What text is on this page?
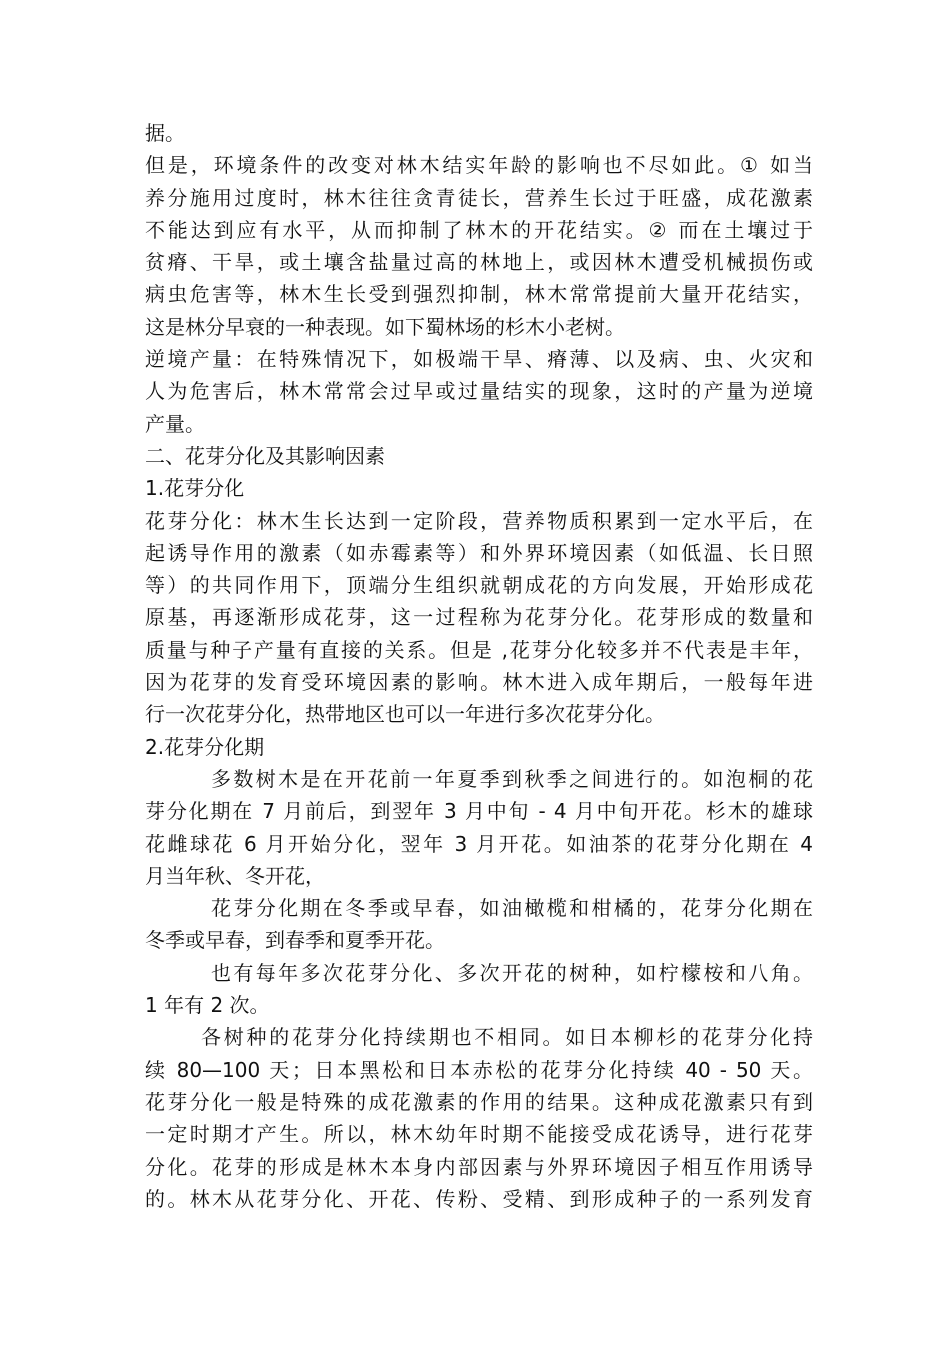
据。
但是，环境条件的改变对林木结实年龄的影响也不尽如此。① 如当
养分施用过度时，林木往往贪青徒长，营养生长过于旺盛，成花激素
不能达到应有水平，从而抑制了林木的开花结实。② 而在土壤过于
贫瘠、干旱，或土壤含盐量过高的林地上，或因林木遭受机械损伤或
病虫危害等，林木生长受到强烈抑制，林木常常提前大量开花结实，
这是林分早衰的一种表现。如下蜀林场的杉木小老树。
逆境产量：在特殊情况下，如极端干旱、瘠薄、以及病、虫、火灾和
人为危害后，林木常常会过早或过量结实的现象，这时的产量为逆境
产量。
二、花芽分化及其影响因素
1.花芽分化
花芽分化：林木生长达到一定阶段，营养物质积累到一定水平后，在
起诱导作用的激素（如赤霉素等）和外界环境因素（如低温、长日照
等）的共同作用下，顶端分生组织就朝成花的方向发展，开始形成花
原基，再逐渐形成花芽，这一过程称为花芽分化。花芽形成的数量和
质量与种子产量有直接的关系。但是 ,花芽分化较多并不代表是丰年，
因为花芽的发育受环境因素的影响。林木进入成年期后，一般每年进
行一次花芽分化，热带地区也可以一年进行多次花芽分化。
2.花芽分化期
多数树木是在开花前一年夏季到秋季之间进行的。如泡桐的花
芽分化期在 7 月前后，到翌年 3 月中旬 - 4 月中旬开花。杉木的雄球
花雌球花 6 月开始分化，翌年 3 月开花。如油茶的花芽分化期在 4
月当年秋、冬开花，
花芽分化期在冬季或早春，如油橄榄和柑橘的，花芽分化期在
冬季或早春，到春季和夏季开花。
也有每年多次花芽分化、多次开花的树种，如柠檬桉和八角。
1 年有 2 次。
各树种的花芽分化持续期也不相同。如日本柳杉的花芽分化持
续 80—100 天；日本黑松和日本赤松的花芽分化持续 40 - 50 天。
花芽分化一般是特殊的成花激素的作用的结果。这种成花激素只有到
一定时期才产生。所以，林木幼年时期不能接受成花诱导，进行花芽
分化。花芽的形成是林木本身内部因素与外界环境因子相互作用诱导
的。林木从花芽分化、开花、传粉、受精、到形成种子的一系列发育
